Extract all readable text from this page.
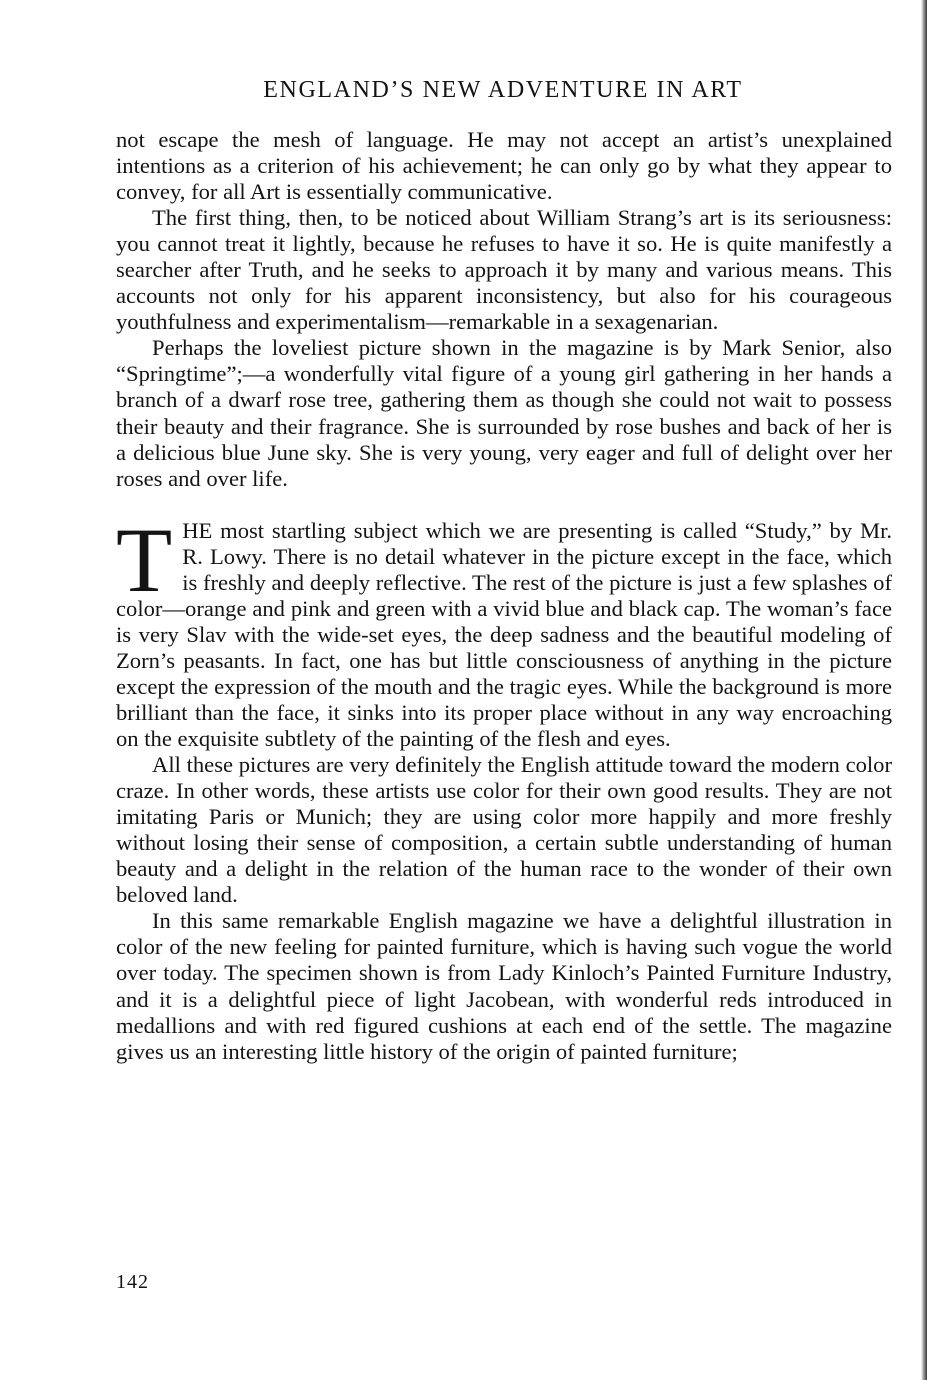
ENGLAND’S NEW ADVENTURE IN ART

not escape the mesh of language. He may not accept an artist’s unexplained intentions as a criterion of his achievement; he can only go by what they appear to convey, for all Art is essentially communicative.

The first thing, then, to be noticed about William Strang’s art is its seriousness: you cannot treat it lightly, because he refuses to have it so. He is quite manifestly a searcher after Truth, and he seeks to approach it by many and various means. This accounts not only for his apparent inconsistency, but also for his courageous youthfulness and experimentalism—remarkable in a sexagenarian.

Perhaps the loveliest picture shown in the magazine is by Mark Senior, also “Springtime”;—a wonderfully vital figure of a young girl gathering in her hands a branch of a dwarf rose tree, gathering them as though she could not wait to possess their beauty and their fragrance. She is surrounded by rose bushes and back of her is a delicious blue June sky. She is very young, very eager and full of delight over her roses and over life.

THE most startling subject which we are presenting is called “Study,” by Mr. R. Lowy. There is no detail whatever in the picture except in the face, which is freshly and deeply reflective. The rest of the picture is just a few splashes of color—orange and pink and green with a vivid blue and black cap. The woman’s face is very Slav with the wide-set eyes, the deep sadness and the beautiful modeling of Zorn’s peasants. In fact, one has but little consciousness of anything in the picture except the expression of the mouth and the tragic eyes. While the background is more brilliant than the face, it sinks into its proper place without in any way encroaching on the exquisite subtlety of the painting of the flesh and eyes.

All these pictures are very definitely the English attitude toward the modern color craze. In other words, these artists use color for their own good results. They are not imitating Paris or Munich; they are using color more happily and more freshly without losing their sense of composition, a certain subtle understanding of human beauty and a delight in the relation of the human race to the wonder of their own beloved land.

In this same remarkable English magazine we have a delightful illustration in color of the new feeling for painted furniture, which is having such vogue the world over today. The specimen shown is from Lady Kinloch’s Painted Furniture Industry, and it is a delightful piece of light Jacobean, with wonderful reds introduced in medallions and with red figured cushions at each end of the settle. The magazine gives us an interesting little history of the origin of painted furniture;

142
